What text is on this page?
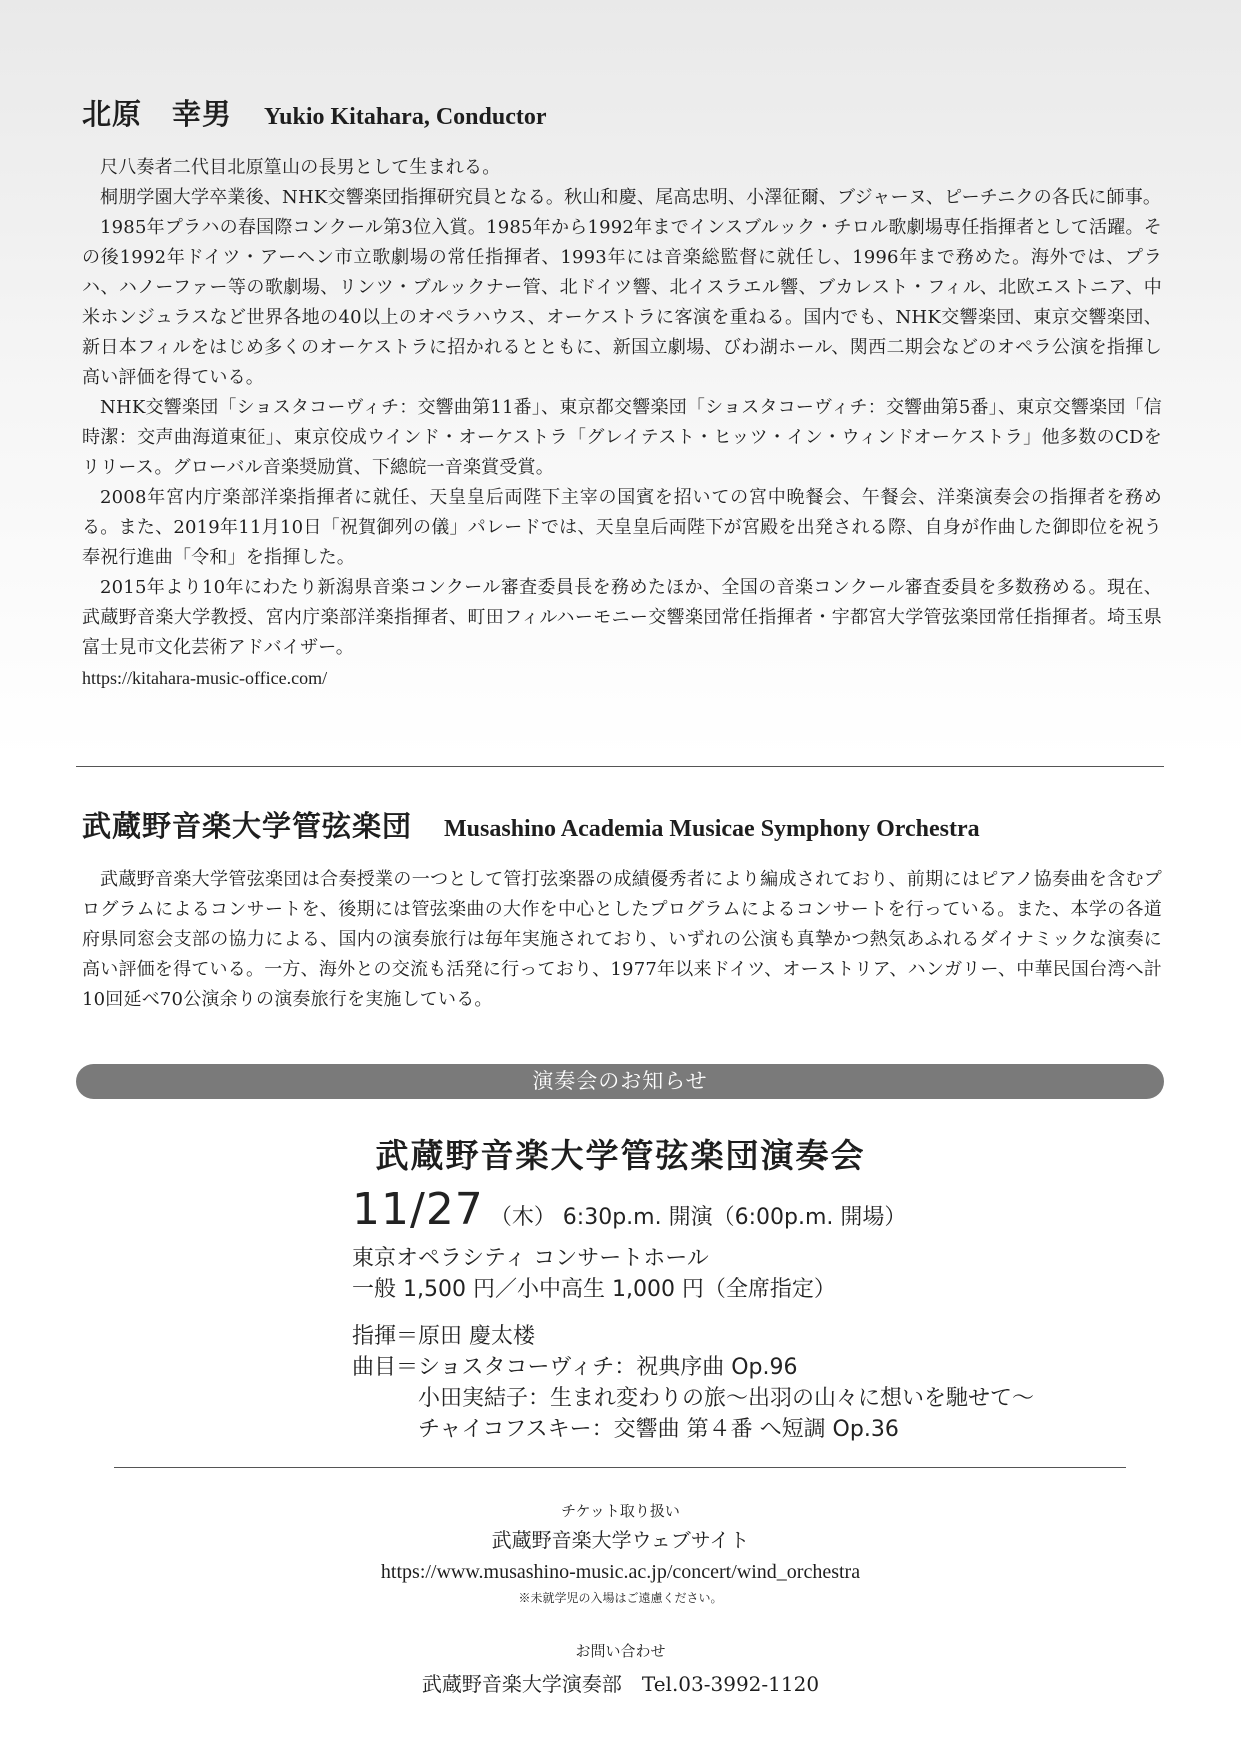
北原　幸男 Yukio Kitahara, Conductor

尺八奏者二代目北原篁山の長男として生まれる。

桐朋学園大学卒業後、NHK交響楽団指揮研究員となる。秋山和慶、尾高忠明、小澤征爾、ブジャーヌ、ピーチニクの各氏に師事。

1985年プラハの春国際コンクール第3位入賞。1985年から1992年までインスブルック・チロル歌劇場専任指揮者として活躍。その後1992年ドイツ・アーヘン市立歌劇場の常任指揮者、1993年には音楽総監督に就任し、1996年まで務めた。海外では、プラハ、ハノーファー等の歌劇場、リンツ・ブルックナー管、北ドイツ響、北イスラエル響、ブカレスト・フィル、北欧エストニア、中米ホンジュラスなど世界各地の40以上のオペラハウス、オーケストラに客演を重ねる。国内でも、NHK交響楽団、東京交響楽団、新日本フィルをはじめ多くのオーケストラに招かれるとともに、新国立劇場、びわ湖ホール、関西二期会などのオペラ公演を指揮し高い評価を得ている。

NHK交響楽団「ショスタコーヴィチ：交響曲第11番」、東京都交響楽団「ショスタコーヴィチ：交響曲第5番」、東京交響楽団「信時潔：交声曲海道東征」、東京佼成ウインド・オーケストラ「グレイテスト・ヒッツ・イン・ウィンドオーケストラ」他多数のCDをリリース。グローバル音楽奨励賞、下總皖一音楽賞受賞。

2008年宮内庁楽部洋楽指揮者に就任、天皇皇后両陛下主宰の国賓を招いての宮中晩餐会、午餐会、洋楽演奏会の指揮者を務める。また、2019年11月10日「祝賀御列の儀」パレードでは、天皇皇后両陛下が宮殿を出発される際、自身が作曲した御即位を祝う奉祝行進曲「令和」を指揮した。

2015年より10年にわたり新潟県音楽コンクール審査委員長を務めたほか、全国の音楽コンクール審査委員を多数務める。現在、武蔵野音楽大学教授、宮内庁楽部洋楽指揮者、町田フィルハーモニー交響楽団常任指揮者・宇都宮大学管弦楽団常任指揮者。埼玉県富士見市文化芸術アドバイザー。

https://kitahara-music-office.com/
武蔵野音楽大学管弦楽団 Musashino Academia Musicae Symphony Orchestra

武蔵野音楽大学管弦楽団は合奏授業の一つとして管打弦楽器の成績優秀者により編成されており、前期にはピアノ協奏曲を含むプログラムによるコンサートを、後期には管弦楽曲の大作を中心としたプログラムによるコンサートを行っている。また、本学の各道府県同窓会支部の協力による、国内の演奏旅行は毎年実施されており、いずれの公演も真摯かつ熱気あふれるダイナミックな演奏に高い評価を得ている。一方、海外との交流も活発に行っており、1977年以来ドイツ、オーストリア、ハンガリー、中華民国台湾へ計10回延べ70公演余りの演奏旅行を実施している。

演奏会のお知らせ
武蔵野音楽大学管弦楽団演奏会
11/27 （木） 6:30p.m. 開演（6:00p.m. 開場）
東京オペラシティ コンサートホール
一般 1,500 円／小中高生 1,000 円（全席指定）
指揮＝原田 慶太楼
曲目＝ショスタコーヴィチ：祝典序曲 Op.96
小田実結子：生まれ変わりの旅〜出羽の山々に想いを馳せて〜
チャイコフスキー：交響曲 第４番 へ短調 Op.36
チケット取り扱い
武蔵野音楽大学ウェブサイト
https://www.musashino-music.ac.jp/concert/wind_orchestra
※未就学児の入場はご遠慮ください。
お問い合わせ
武蔵野音楽大学演奏部　Tel.03-3992-1120
